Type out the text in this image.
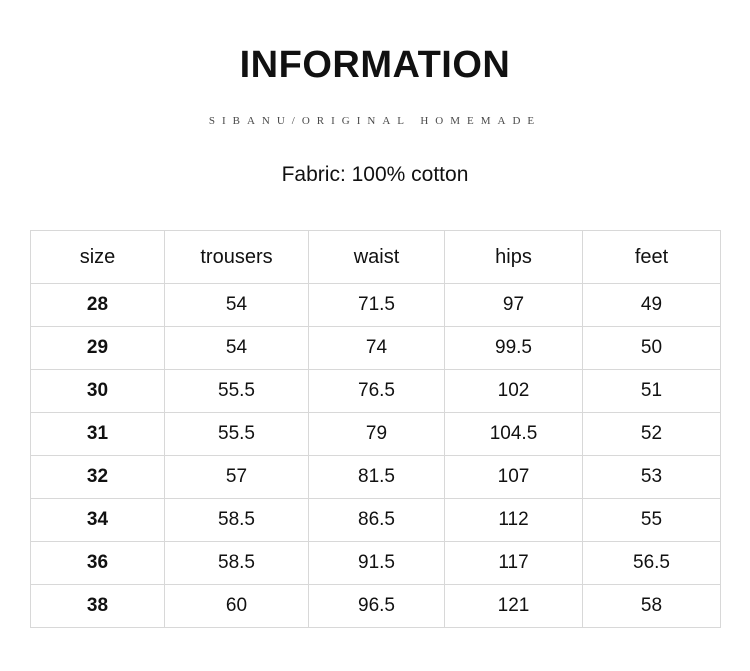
INFORMATION

SIBANU/ORIGINAL HOMEMADE

Fabric: 100% cotton

size	trousers	waist	hips	feet
28	54	71.5	97	49
29	54	74	99.5	50
30	55.5	76.5	102	51
31	55.5	79	104.5	52
32	57	81.5	107	53
34	58.5	86.5	112	55
36	58.5	91.5	117	56.5
38	60	96.5	121	58
